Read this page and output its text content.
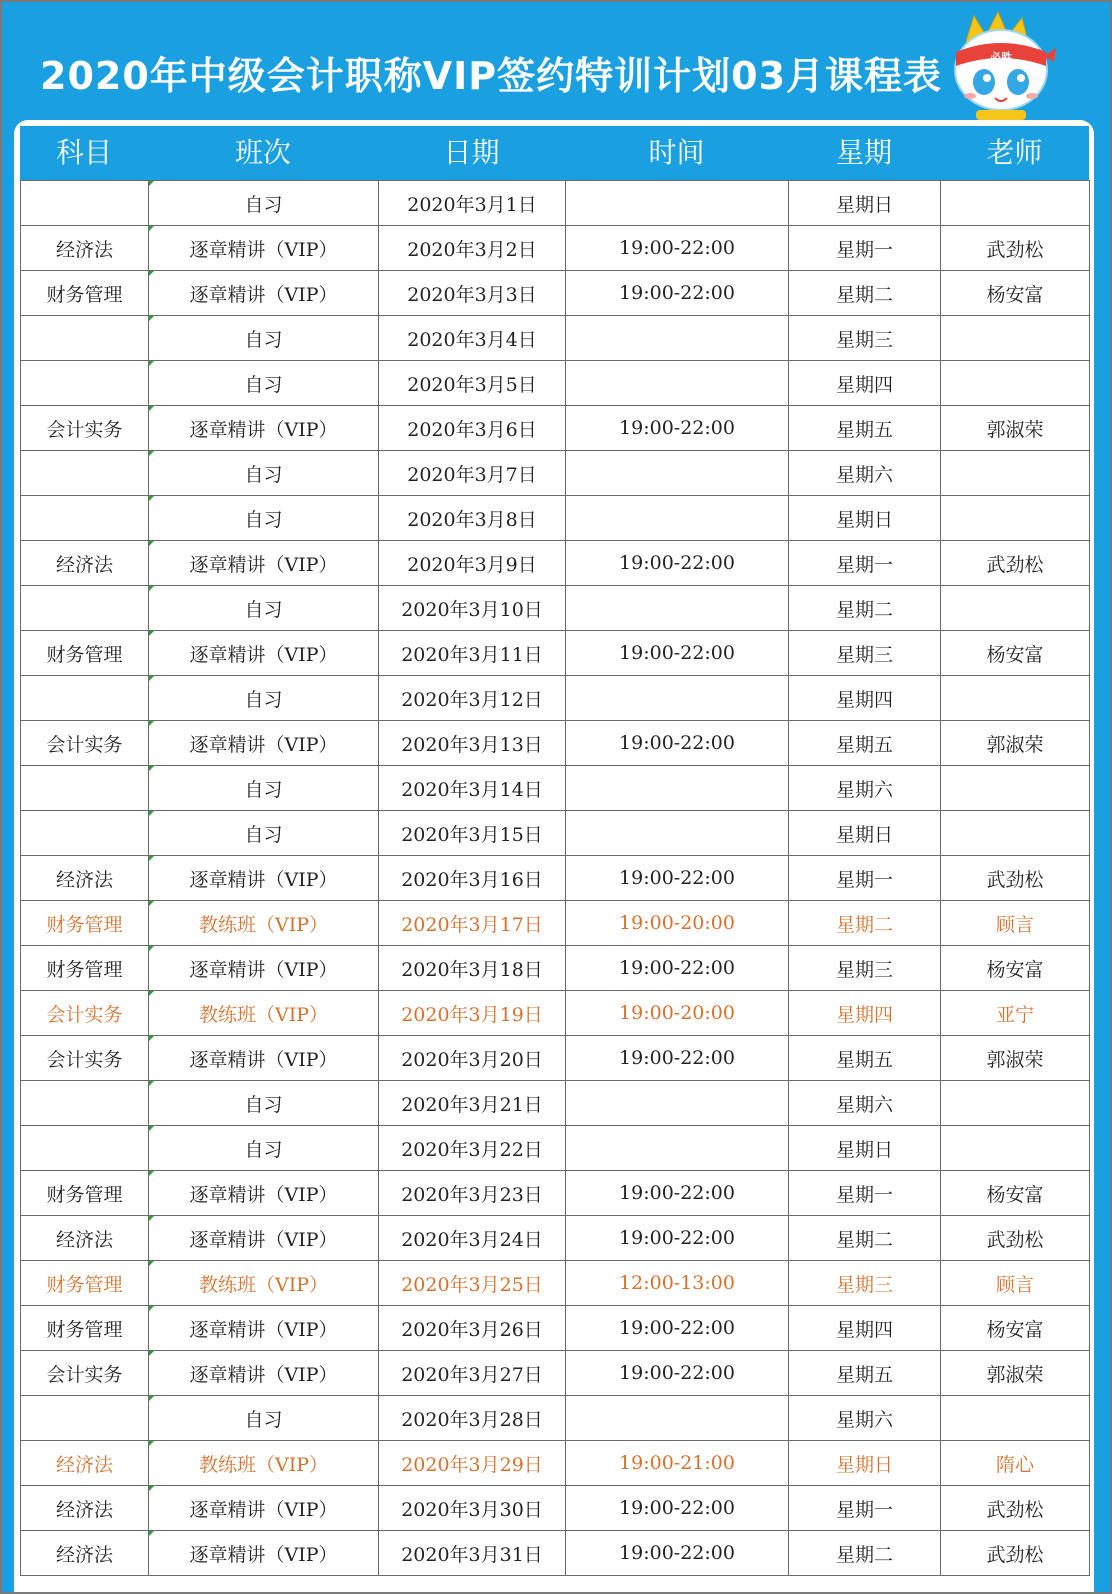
2020年中级会计职称VIP签约特训计划03月课程表	必胜
科目	班次	日期	时间	星期	老师
	自习	2020年3月1日		星期日	
经济法	逐章精讲（VIP）	2020年3月2日	19:00-22:00	星期一	武劲松
财务管理	逐章精讲（VIP）	2020年3月3日	19:00-22:00	星期二	杨安富
	自习	2020年3月4日		星期三	
	自习	2020年3月5日		星期四	
会计实务	逐章精讲（VIP）	2020年3月6日	19:00-22:00	星期五	郭淑荣
	自习	2020年3月7日		星期六	
	自习	2020年3月8日		星期日	
经济法	逐章精讲（VIP）	2020年3月9日	19:00-22:00	星期一	武劲松
	自习	2020年3月10日		星期二	
财务管理	逐章精讲（VIP）	2020年3月11日	19:00-22:00	星期三	杨安富
	自习	2020年3月12日		星期四	
会计实务	逐章精讲（VIP）	2020年3月13日	19:00-22:00	星期五	郭淑荣
	自习	2020年3月14日		星期六	
	自习	2020年3月15日		星期日	
经济法	逐章精讲（VIP）	2020年3月16日	19:00-22:00	星期一	武劲松
财务管理	教练班（VIP）	2020年3月17日	19:00-20:00	星期二	顾言
财务管理	逐章精讲（VIP）	2020年3月18日	19:00-22:00	星期三	杨安富
会计实务	教练班（VIP）	2020年3月19日	19:00-20:00	星期四	亚宁
会计实务	逐章精讲（VIP）	2020年3月20日	19:00-22:00	星期五	郭淑荣
	自习	2020年3月21日		星期六	
	自习	2020年3月22日		星期日	
财务管理	逐章精讲（VIP）	2020年3月23日	19:00-22:00	星期一	杨安富
经济法	逐章精讲（VIP）	2020年3月24日	19:00-22:00	星期二	武劲松
财务管理	教练班（VIP）	2020年3月25日	12:00-13:00	星期三	顾言
财务管理	逐章精讲（VIP）	2020年3月26日	19:00-22:00	星期四	杨安富
会计实务	逐章精讲（VIP）	2020年3月27日	19:00-22:00	星期五	郭淑荣
	自习	2020年3月28日		星期六	
经济法	教练班（VIP）	2020年3月29日	19:00-21:00	星期日	隋心
经济法	逐章精讲（VIP）	2020年3月30日	19:00-22:00	星期一	武劲松
经济法	逐章精讲（VIP）	2020年3月31日	19:00-22:00	星期二	武劲松
